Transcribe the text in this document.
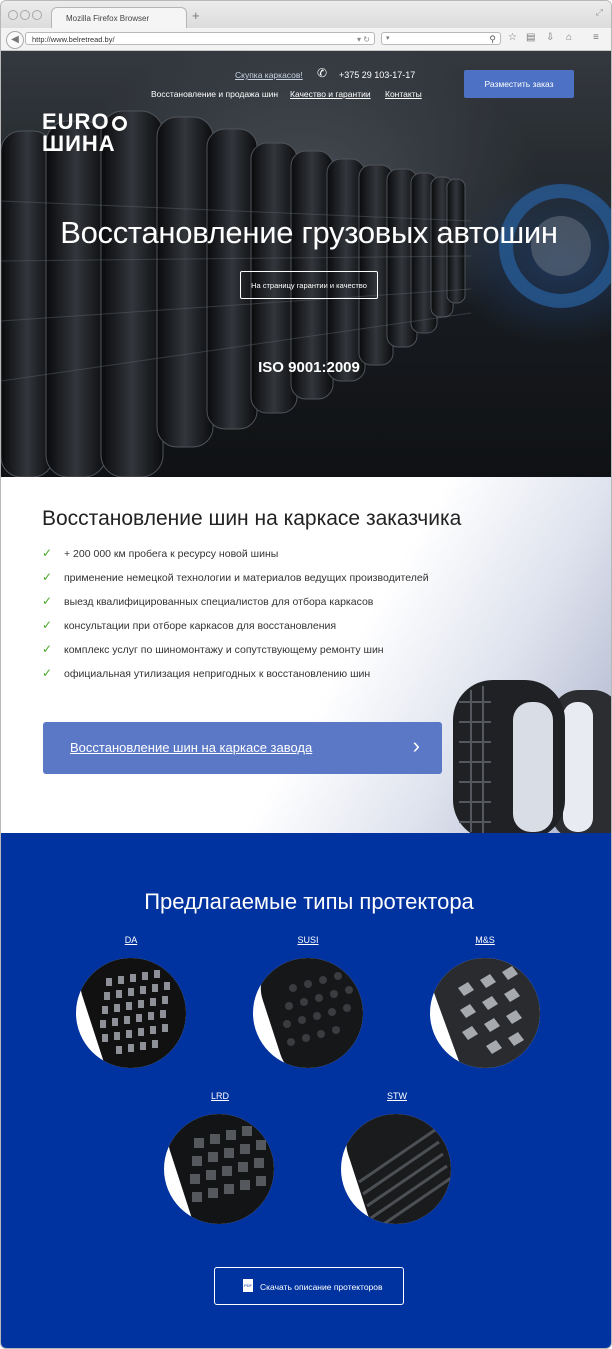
Mozilla Firefox Browser	+	⤢
◀	http://www.belretread.by/	▾ ↻ ▾	⚲ ☆ ▤ ⇩ ⌂ ≡
EURO
ШИНА
Скупка каркасов! ✆ +375 29 103-17-17
Восстановление и продажа шин Качество и гарантии Контакты
Разместить заказ
Восстановление грузовых автошин
На страницу гарантии и качество
ISO 9001:2009
Восстановление шин на каркасе заказчика
✓ + 200 000 км пробега к ресурсу новой шины
✓ применение немецкой технологии и материалов ведущих производителей
✓ выезд квалифицированных специалистов для отбора каркасов
✓ консультации при отборе каркасов для восстановления
✓ комплекс услуг по шиномонтажу и сопутствующему ремонту шин
✓ официальная утилизация непригодных к восстановлению шин
Восстановление шин на каркасе завода	›
Предлагаемые типы протектора
DA	SUSI	M&S
LRD	STW
PDF Скачать описание протекторов
